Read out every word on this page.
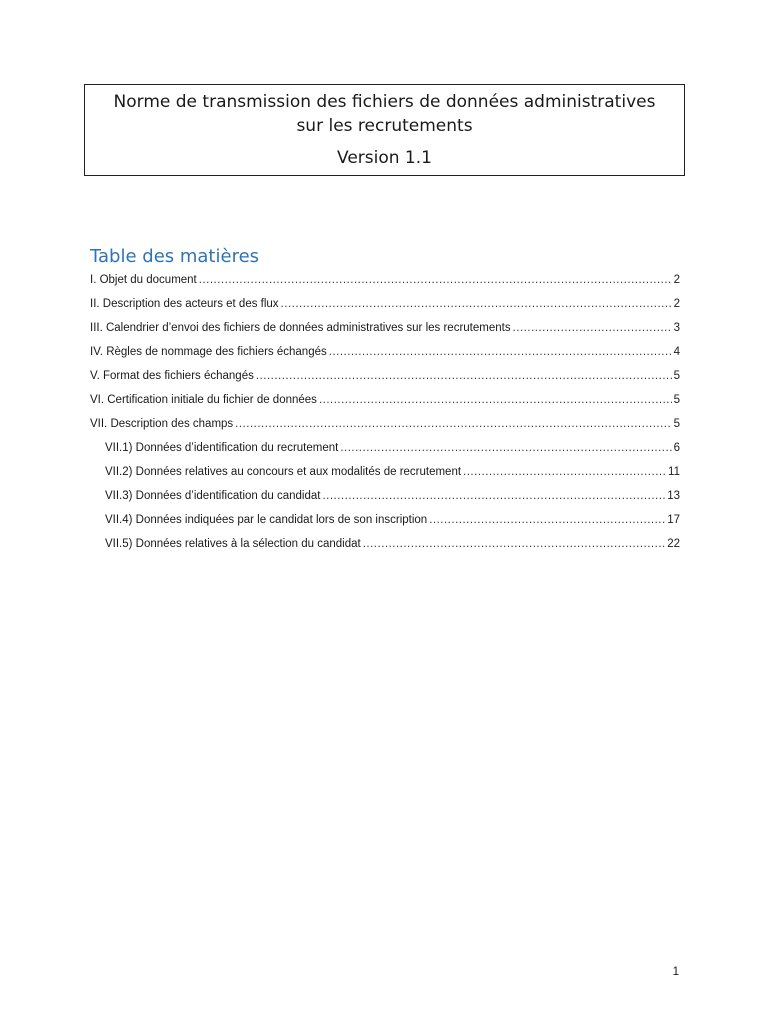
Norme de transmission des fichiers de données administratives sur les recrutements
Version 1.1
Table des matières
I. Objet du document .....	2
II. Description des acteurs et des flux .....	2
III. Calendrier d’envoi des fichiers de données administratives sur les recrutements .....	3
IV. Règles de nommage des fichiers échangés .....	4
V. Format des fichiers échangés .....	5
VI. Certification initiale du fichier de données .....	5
VII. Description des champs .....	5
VII.1) Données d’identification du recrutement .....	6
VII.2) Données relatives au concours et aux modalités de recrutement .....	11
VII.3) Données d’identification du candidat .....	13
VII.4) Données indiquées par le candidat lors de son inscription .....	17
VII.5) Données relatives à la sélection du candidat .....	22
1
